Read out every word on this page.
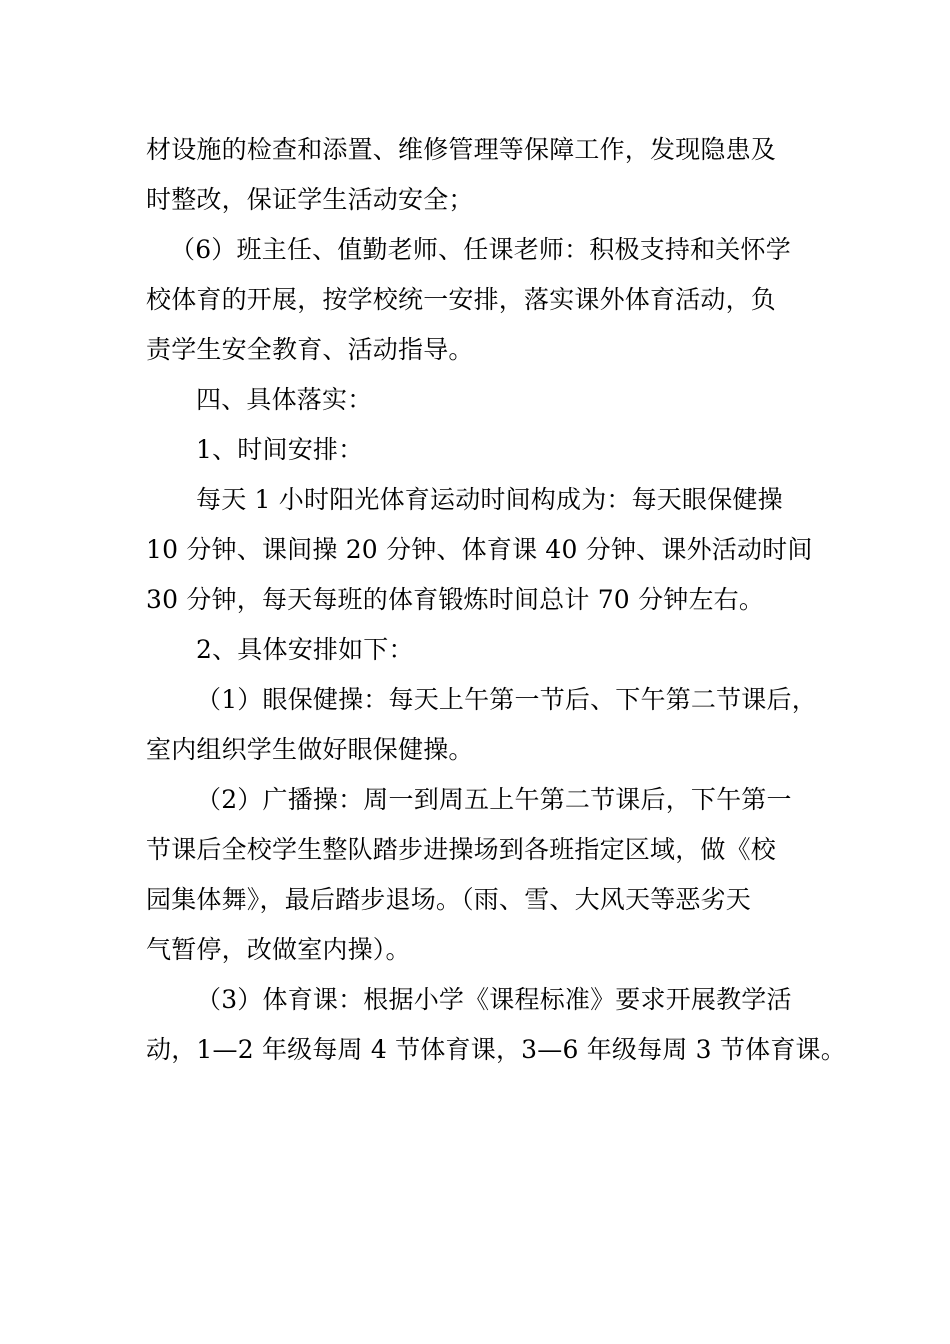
材设施的检查和添置、维修管理等保障工作，发现隐患及
时整改，保证学生活动安全；
（6）班主任、值勤老师、任课老师：积极支持和关怀学
校体育的开展，按学校统一安排，落实课外体育活动，负
责学生安全教育、活动指导。
四、具体落实：
1、时间安排：
每天 1 小时阳光体育运动时间构成为：每天眼保健操
10 分钟、课间操 20 分钟、体育课 40 分钟、课外活动时间
30 分钟，每天每班的体育锻炼时间总计 70 分钟左右。
2、具体安排如下：
（1）眼保健操：每天上午第一节后、下午第二节课后，
室内组织学生做好眼保健操。
（2）广播操：周一到周五上午第二节课后，下午第一
节课后全校学生整队踏步进操场到各班指定区域，做《校
园集体舞》，最后踏步退场。（雨、雪、大风天等恶劣天
气暂停，改做室内操）。
（3）体育课：根据小学《课程标准》要求开展教学活
动，1—2 年级每周 4 节体育课，3—6 年级每周 3 节体育课。
